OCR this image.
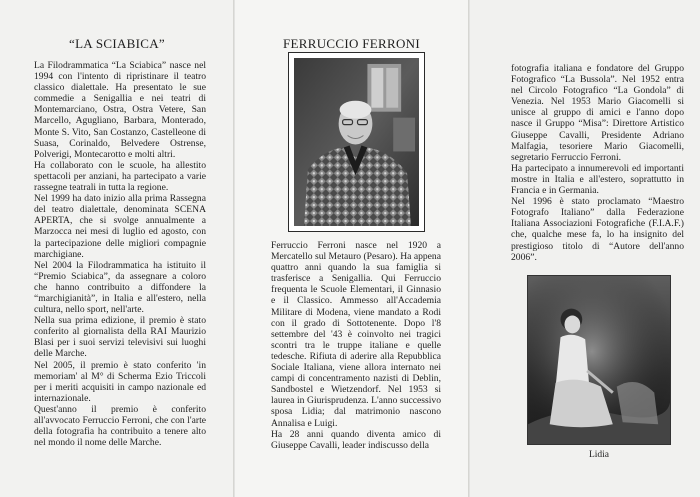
“LA SCIABICA”

La Filodrammatica “La Sciabica” nasce nel 1994 con l'intento di ripristinare il teatro classico dialettale. Ha presentato le sue commedie a Senigallia e nei teatri di Montemarciano, Ostra, Ostra Vetere, San Marcello, Agugliano, Barbara, Monterado, Monte S. Vito, San Costanzo, Castelleone di Suasa, Corinaldo, Belvedere Ostrense, Polverigi, Montecarotto e molti altri.

Ha collaborato con le scuole, ha allestito spettacoli per anziani, ha partecipato a varie rassegne teatrali in tutta la regione.

Nel 1999 ha dato inizio alla prima Rassegna del teatro dialettale, denominata SCENA APERTA, che si svolge annualmente a Marzocca nei mesi di luglio ed agosto, con la partecipazione delle migliori compagnie marchigiane.

Nel 2004 la Filodrammatica ha istituito il “Premio Sciabica”, da assegnare a coloro che hanno contribuito a diffondere la “marchigianità”, in Italia e all'estero, nella cultura, nello sport, nell'arte.

Nella sua prima edizione, il premio è stato conferito al giornalista della RAI Maurizio Blasi per i suoi servizi televisivi sui luoghi delle Marche.

Nel 2005, il premio è stato conferito 'in memoriam' al M° di Scherma Ezio Triccoli per i meriti acquisiti in campo nazionale ed internazionale.

Quest'anno il premio è conferito all'avvocato Ferruccio Ferroni, che con l'arte della fotografia ha contribuito a tenere alto nel mondo il nome delle Marche.

FERRUCCIO FERRONI

Ferruccio Ferroni nasce nel 1920 a Mercatello sul Metauro (Pesaro). Ha appena quattro anni quando la sua famiglia si trasferisce a Senigallia. Qui Ferruccio frequenta le Scuole Elementari, il Ginnasio e il Classico. Ammesso all'Accademia Militare di Modena, viene mandato a Rodi con il grado di Sottotenente. Dopo l'8 settembre del '43 è coinvolto nei tragici scontri tra le truppe italiane e quelle tedesche. Rifiuta di aderire alla Repubblica Sociale Italiana, viene allora internato nei campi di concentramento nazisti di Deblin, Sandbostel e Wietzendorf. Nel 1953 si laurea in Giurisprudenza. L'anno successivo sposa Lidia; dal matrimonio nascono Annalisa e Luigi.

Ha 28 anni quando diventa amico di Giuseppe Cavalli, leader indiscusso della

fotografia italiana e fondatore del Gruppo Fotografico “La Bussola”. Nel 1952 entra nel Circolo Fotografico “La Gondola” di Venezia. Nel 1953 Mario Giacomelli si unisce al gruppo di amici e l'anno dopo nasce il Gruppo “Misa”: Direttore Artistico Giuseppe Cavalli, Presidente Adriano Malfagia, tesoriere Mario Giacomelli, segretario Ferruccio Ferroni.

Ha partecipato a innumerevoli ed importanti mostre in Italia e all'estero, soprattutto in Francia e in Germania.

Nel 1996 è stato proclamato “Maestro Fotografo Italiano” dalla Federazione Italiana Associazioni Fotografiche (F.I.A.F.) che, qualche mese fa, lo ha insignito del prestigioso titolo di “Autore dell'anno 2006”.

Lidia
